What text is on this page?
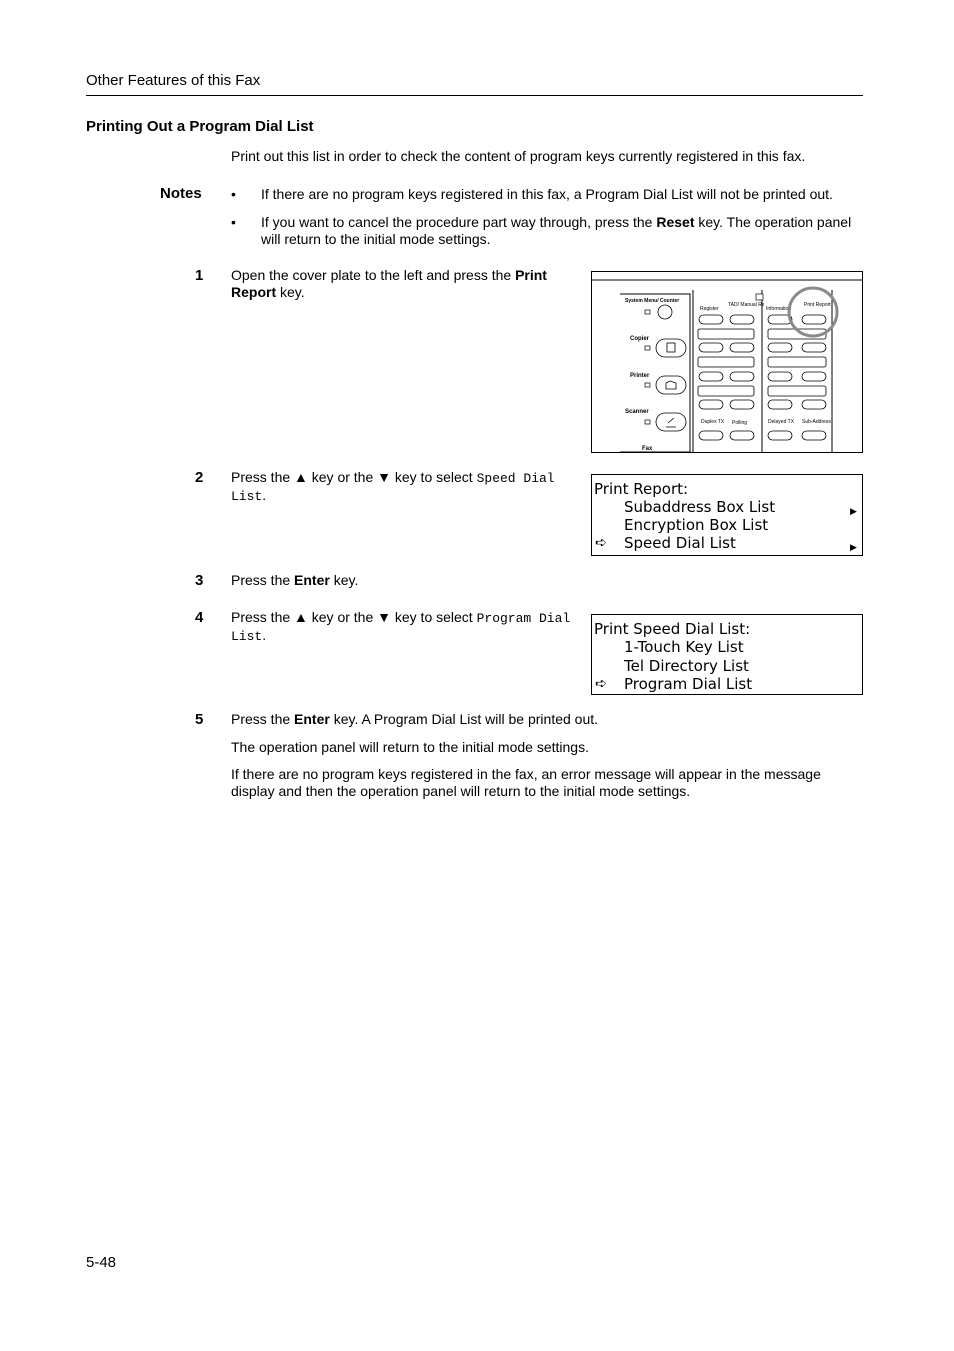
Other Features of this Fax
Printing Out a Program Dial List
Print out this list in order to check the content of program keys currently registered in this fax.
Notes • If there are no program keys registered in this fax, a Program Dial List will not be printed out.
• If you want to cancel the procedure part way through, press the Reset key. The operation panel will return to the initial mode settings.
1 Open the cover plate to the left and press the Print Report key.
System Menu/ Counter
Copier
Printer
Scanner
Fax
Register
TAD/ Manual Rx
Information
Print Report
Duplex TX Polling	Delayed TX Sub-Address
2 Press the ▲ key or the ▼ key to select Speed Dial List.	Print Report:
Subaddress Box List	▶
Encryption Box List
➪ Speed Dial List	▶
3 Press the Enter key.
4 Press the ▲ key or the ▼ key to select Program Dial List.	Print Speed Dial List:
1-Touch Key List
Tel Directory List
➪ Program Dial List
5 Press the Enter key. A Program Dial List will be printed out.
The operation panel will return to the initial mode settings.
If there are no program keys registered in the fax, an error message will appear in the message display and then the operation panel will return to the initial mode settings.
5-48
